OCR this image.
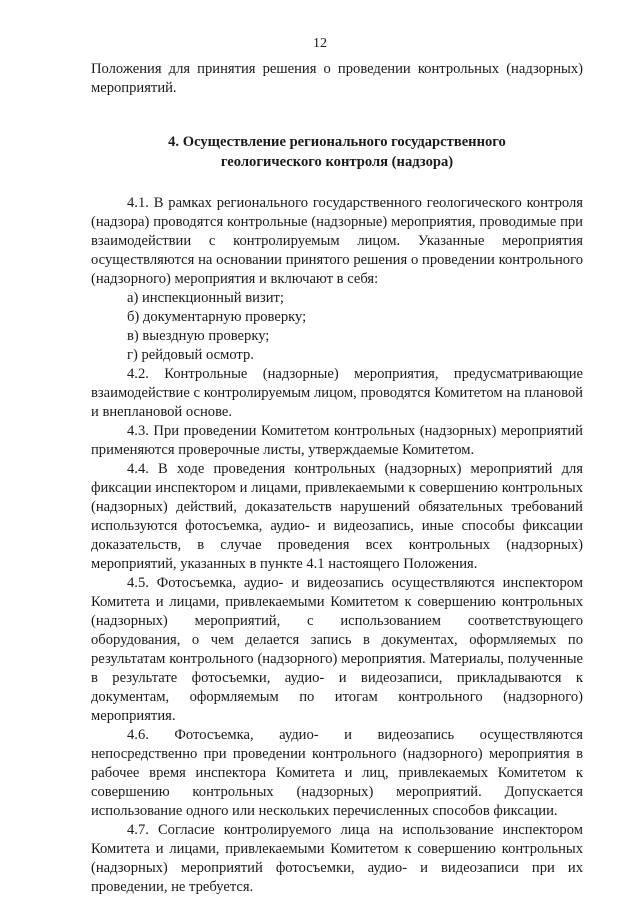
12

Положения для принятия решения о проведении контрольных (надзорных) мероприятий.

4. Осуществление регионального государственного
геологического контроля (надзора)

4.1. В рамках регионального государственного геологического контроля (надзора) проводятся контрольные (надзорные) мероприятия, проводимые при взаимодействии с контролируемым лицом. Указанные мероприятия осуществляются на основании принятого решения о проведении контрольного (надзорного) мероприятия и включают в себя:

а) инспекционный визит;

б) документарную проверку;

в) выездную проверку;

г) рейдовый осмотр.

4.2. Контрольные (надзорные) мероприятия, предусматривающие взаимодействие с контролируемым лицом, проводятся Комитетом на плановой и внеплановой основе.

4.3. При проведении Комитетом контрольных (надзорных) мероприятий применяются проверочные листы, утверждаемые Комитетом.

4.4. В ходе проведения контрольных (надзорных) мероприятий для фиксации инспектором и лицами, привлекаемыми к совершению контрольных (надзорных) действий, доказательств нарушений обязательных требований используются фотосъемка, аудио- и видеозапись, иные способы фиксации доказательств, в случае проведения всех контрольных (надзорных) мероприятий, указанных в пункте 4.1 настоящего Положения.

4.5. Фотосъемка, аудио- и видеозапись осуществляются инспектором Комитета и лицами, привлекаемыми Комитетом к совершению контрольных (надзорных) мероприятий, с использованием соответствующего оборудования, о чем делается запись в документах, оформляемых по результатам контрольного (надзорного) мероприятия. Материалы, полученные в результате фотосъемки, аудио- и видеозаписи, прикладываются к документам, оформляемым по итогам контрольного (надзорного) мероприятия.

4.6. Фотосъемка, аудио- и видеозапись осуществляются непосредственно при проведении контрольного (надзорного) мероприятия в рабочее время инспектора Комитета и лиц, привлекаемых Комитетом к совершению контрольных (надзорных) мероприятий. Допускается использование одного или нескольких перечисленных способов фиксации.

4.7. Согласие контролируемого лица на использование инспектором Комитета и лицами, привлекаемыми Комитетом к совершению контрольных (надзорных) мероприятий фотосъемки, аудио- и видеозаписи при их проведении, не требуется.
